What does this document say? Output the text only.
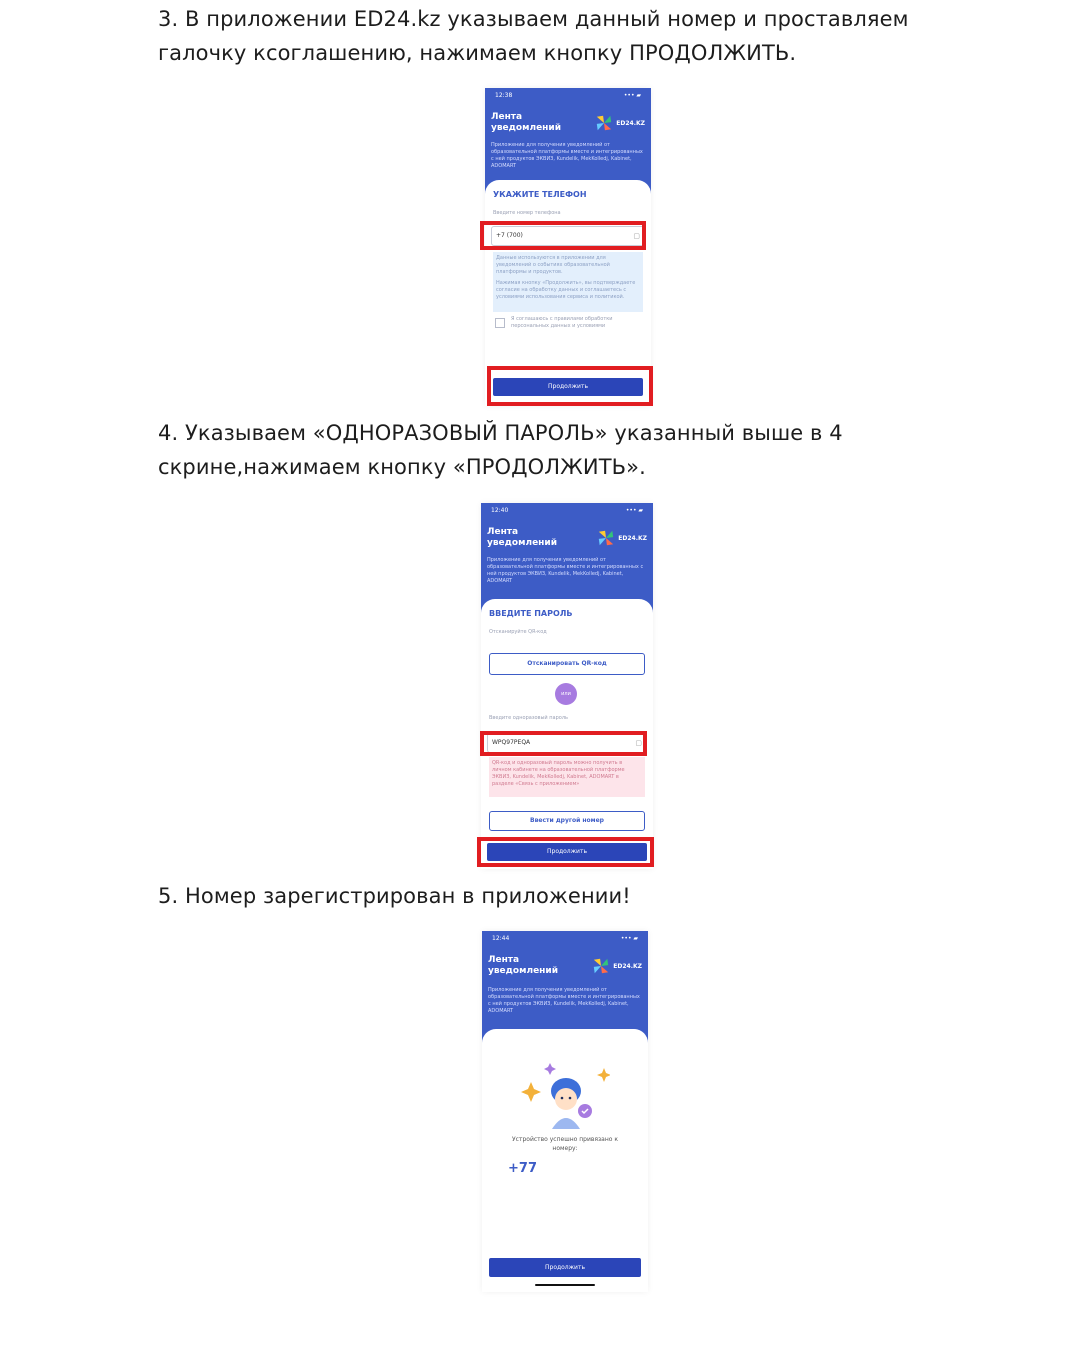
3. В приложении ED24.kz указываем данный номер и проставляем галочку ксоглашению, нажимаем кнопку ПРОДОЛЖИТЬ.

12:38	••• ▰
Лента уведомлений	ED24.KZ
Приложение для получения уведомлений от образовательной платформы вместе и интегрированных с ней продуктов ЭКВИЗ, Kundelik, MekKolledj, Kabinet, ADOMART
УКАЖИТЕ ТЕЛЕФОН
Введите номер телефона
+7 (700)	▢
Данные используются в приложении для уведомлений о событиях образовательной платформы и продуктов.
Нажимая кнопку «Продолжить», вы подтверждаете согласие на обработку данных и соглашаетесь с условиями использования сервиса и политикой.
Я соглашаюсь с правилами обработки персональных данных и условиями
Продолжить

4. Указываем «ОДНОРАЗОВЫЙ ПАРОЛЬ» указанный выше в 4 скрине,нажимаем кнопку «ПРОДОЛЖИТЬ».

12:40	••• ▰
Лента уведомлений	ED24.KZ
Приложение для получения уведомлений от образовательной платформы вместе и интегрированных с ней продуктов ЭКВИЗ, Kundelik, MekKolledj, Kabinet, ADOMART
ВВЕДИТЕ ПАРОЛЬ
Отсканируйте QR-код
Отсканировать QR-код
или
Введите одноразовый пароль
WPQ97PEQA	▢
QR-код и одноразовый пароль можно получить в личном кабинете на образовательной платформе ЭКВИЗ, Kundelik, MekKolledj, Kabinet, ADOMART в разделе «Связь с приложением»
Ввести другой номер
Продолжить

5. Номер зарегистрирован в приложении!

12:44	••• ▰
Лента уведомлений	ED24.KZ
Приложение для получения уведомлений от образовательной платформы вместе и интегрированных с ней продуктов ЭКВИЗ, Kundelik, MekKolledj, Kabinet, ADOMART
Устройство успешно привязано к номеру:
+77
Продолжить
